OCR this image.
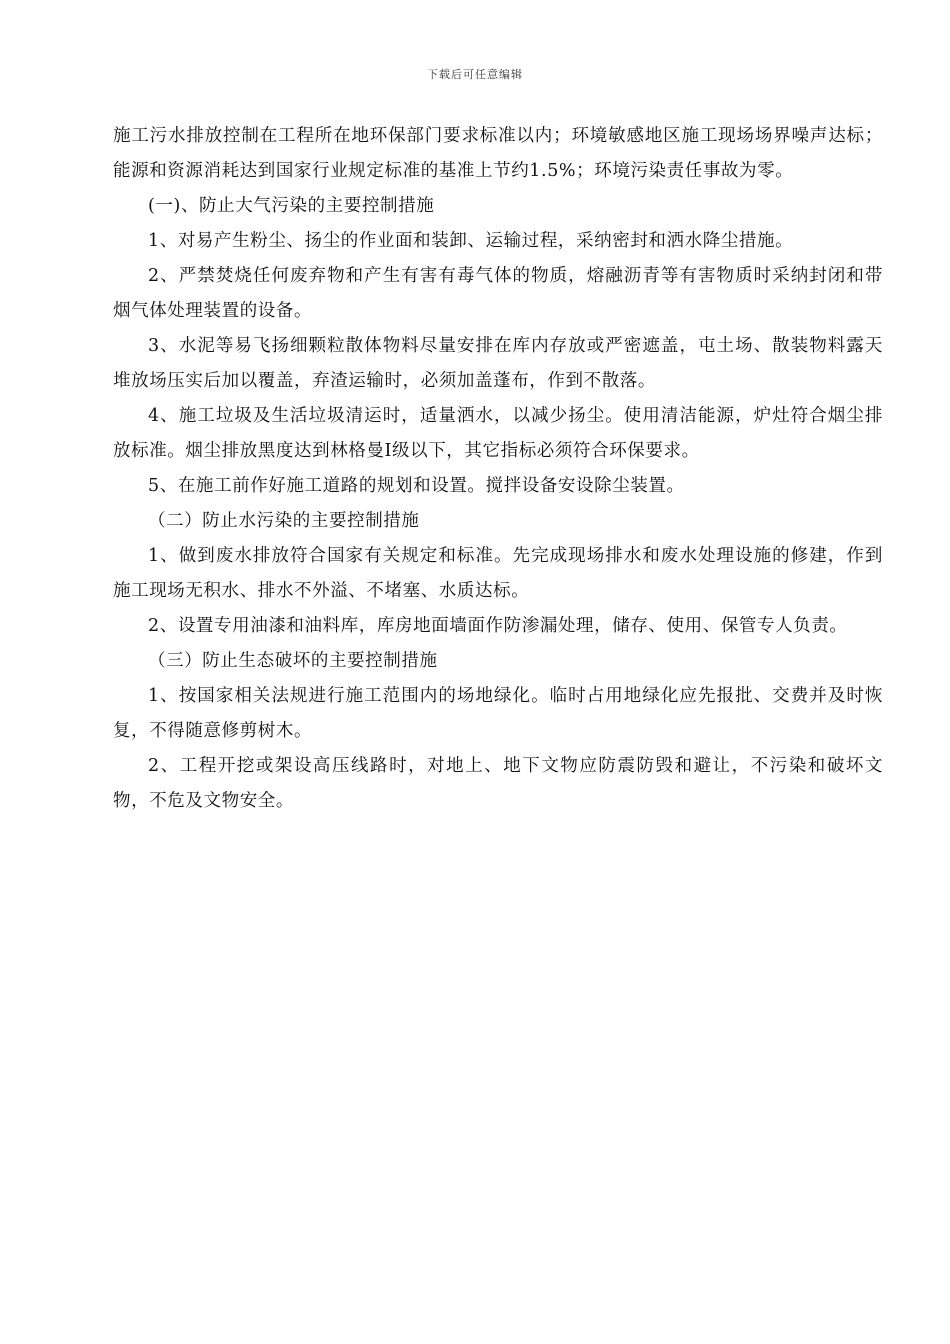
下载后可任意编辑

施工污水排放控制在工程所在地环保部门要求标准以内；环境敏感地区施工现场场界噪声达标；能源和资源消耗达到国家行业规定标准的基准上节约1.5%；环境污染责任事故为零。

(一)、防止大气污染的主要控制措施

1、对易产生粉尘、扬尘的作业面和装卸、运输过程，采纳密封和洒水降尘措施。

2、严禁焚烧任何废弃物和产生有害有毒气体的物质，熔融沥青等有害物质时采纳封闭和带烟气体处理装置的设备。

3、水泥等易飞扬细颗粒散体物料尽量安排在库内存放或严密遮盖，屯土场、散装物料露天堆放场压实后加以覆盖，弃渣运输时，必须加盖蓬布，作到不散落。

4、施工垃圾及生活垃圾清运时，适量洒水，以减少扬尘。使用清洁能源，炉灶符合烟尘排放标准。烟尘排放黑度达到林格曼Ⅰ级以下，其它指标必须符合环保要求。

5、在施工前作好施工道路的规划和设置。搅拌设备安设除尘装置。

（二）防止水污染的主要控制措施

1、做到废水排放符合国家有关规定和标准。先完成现场排水和废水处理设施的修建，作到施工现场无积水、排水不外溢、不堵塞、水质达标。

2、设置专用油漆和油料库，库房地面墙面作防渗漏处理，储存、使用、保管专人负责。

（三）防止生态破坏的主要控制措施

1、按国家相关法规进行施工范围内的场地绿化。临时占用地绿化应先报批、交费并及时恢复，不得随意修剪树木。

2、工程开挖或架设高压线路时，对地上、地下文物应防震防毁和避让，不污染和破坏文物，不危及文物安全。
